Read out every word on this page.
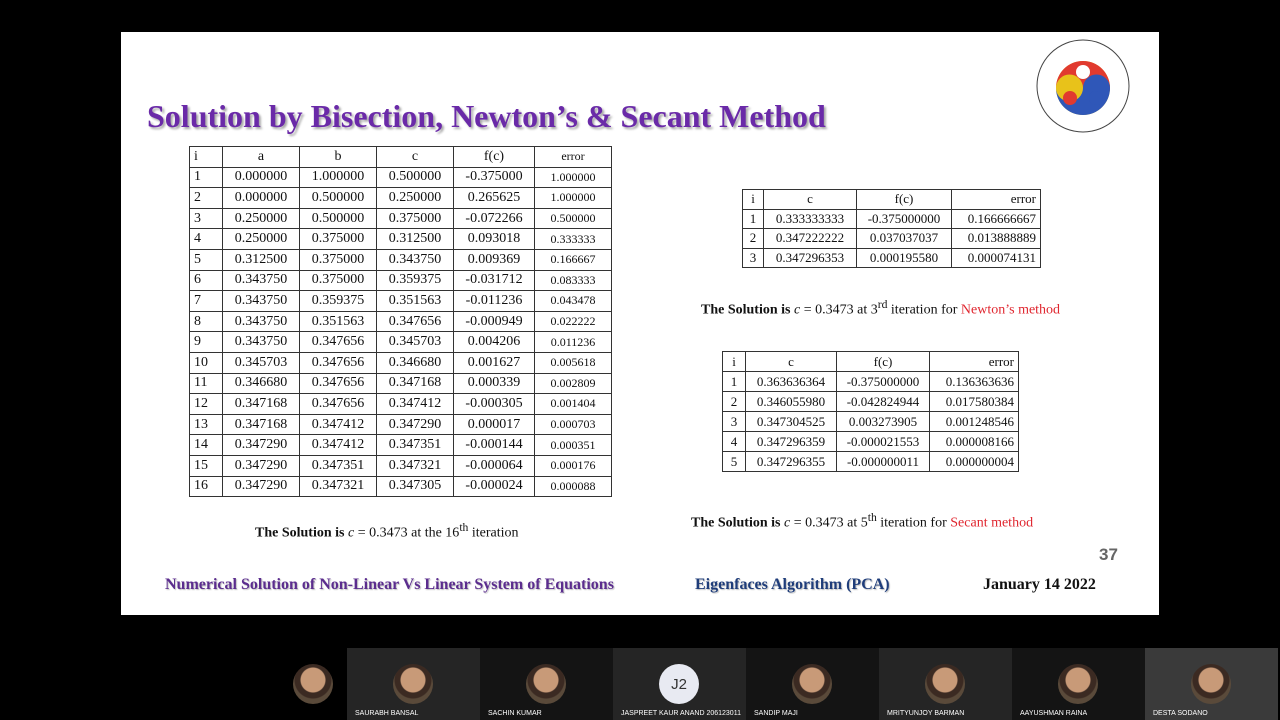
Solution by Bisection, Newton’s & Secant Method
i	a	b	c	f(c)	error
1	0.000000	1.000000	0.500000	-0.375000	1.000000
2	0.000000	0.500000	0.250000	0.265625	1.000000
3	0.250000	0.500000	0.375000	-0.072266	0.500000
4	0.250000	0.375000	0.312500	0.093018	0.333333
5	0.312500	0.375000	0.343750	0.009369	0.166667
6	0.343750	0.375000	0.359375	-0.031712	0.083333
7	0.343750	0.359375	0.351563	-0.011236	0.043478
8	0.343750	0.351563	0.347656	-0.000949	0.022222
9	0.343750	0.347656	0.345703	0.004206	0.011236
10	0.345703	0.347656	0.346680	0.001627	0.005618
11	0.346680	0.347656	0.347168	0.000339	0.002809
12	0.347168	0.347656	0.347412	-0.000305	0.001404
13	0.347168	0.347412	0.347290	0.000017	0.000703
14	0.347290	0.347412	0.347351	-0.000144	0.000351
15	0.347290	0.347351	0.347321	-0.000064	0.000176
16	0.347290	0.347321	0.347305	-0.000024	0.000088
i	c	f(c)	error
1	0.333333333	-0.375000000	0.166666667
2	0.347222222	0.037037037	0.013888889
3	0.347296353	0.000195580	0.000074131
i	c	f(c)	error
1	0.363636364	-0.375000000	0.136363636
2	0.346055980	-0.042824944	0.017580384
3	0.347304525	0.003273905	0.001248546
4	0.347296359	-0.000021553	0.000008166
5	0.347296355	-0.000000011	0.000000004
The Solution is c = 0.3473 at the 16th iteration
The Solution is c = 0.3473 at 3rd iteration for Newton’s method
The Solution is c = 0.3473 at 5th iteration for Secant method
37
Numerical Solution of Non-Linear Vs Linear System of Equations	Eigenfaces Algorithm (PCA)	January 14 2022
SAURABH BANSAL	SACHIN KUMAR
J2
JASPREET KAUR ANAND 206123011 SANDIP MAJI	MRITYUNJOY BARMAN	AAYUSHMAN RAINA	DESTA SODANO
